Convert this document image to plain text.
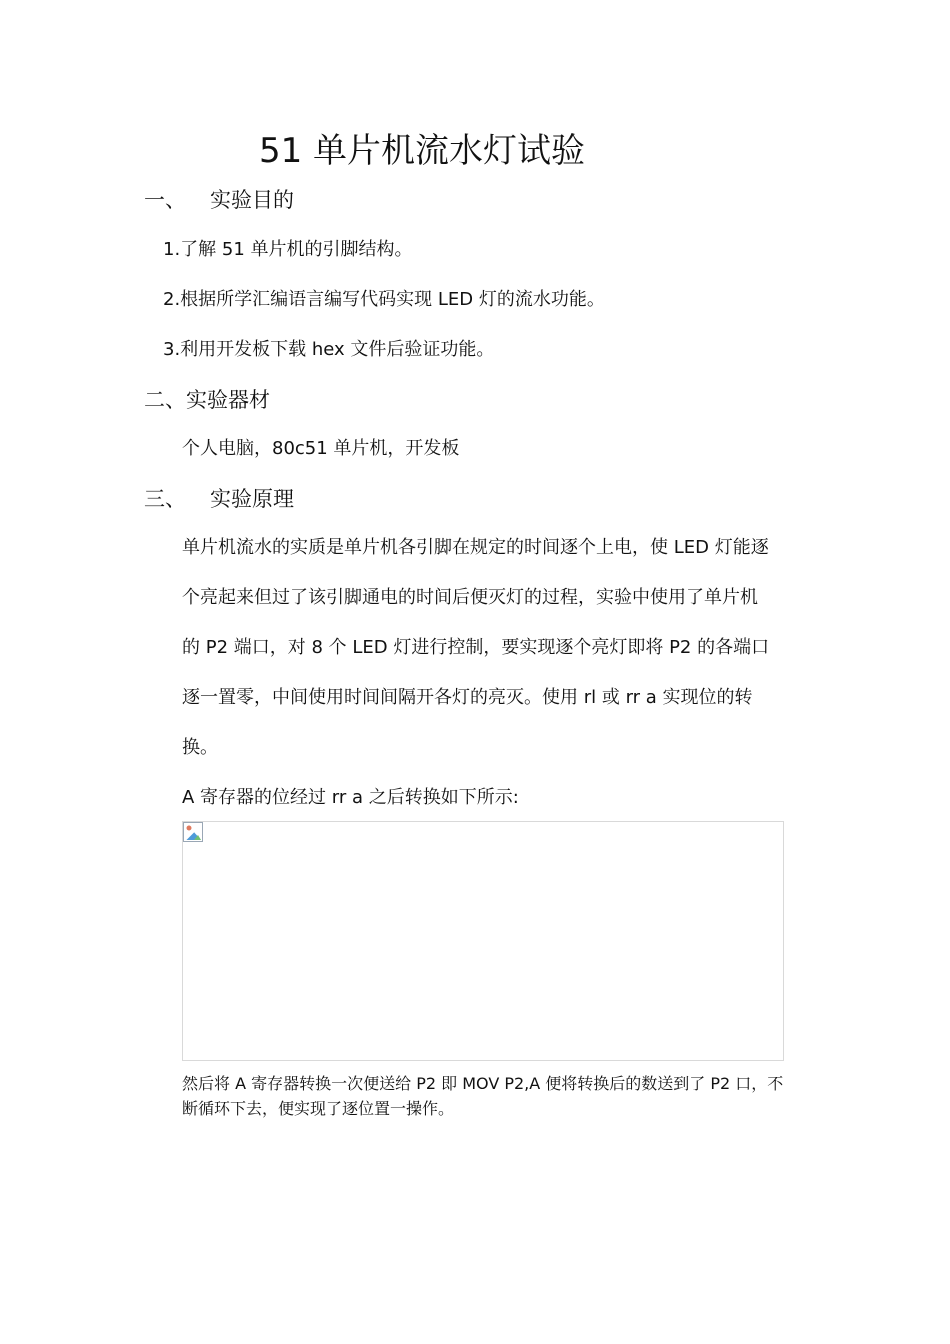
51 单片机流水灯试验
一、 实验目的
1.了解 51 单片机的引脚结构。
2.根据所学汇编语言编写代码实现 LED 灯的流水功能。
3.利用开发板下载 hex 文件后验证功能。
二、实验器材
个人电脑，80c51 单片机，开发板
三、 实验原理
单片机流水的实质是单片机各引脚在规定的时间逐个上电，使 LED 灯能逐
个亮起来但过了该引脚通电的时间后便灭灯的过程，实验中使用了单片机
的 P2 端口，对 8 个 LED 灯进行控制，要实现逐个亮灯即将 P2 的各端口
逐一置零，中间使用时间间隔开各灯的亮灭。使用 rl 或 rr a 实现位的转
换。
A 寄存器的位经过 rr a 之后转换如下所示:
然后将 A 寄存器转换一次便送给 P2 即 MOV P2,A 便将转换后的数送到了 P2 口，不
断循环下去，便实现了逐位置一操作。
